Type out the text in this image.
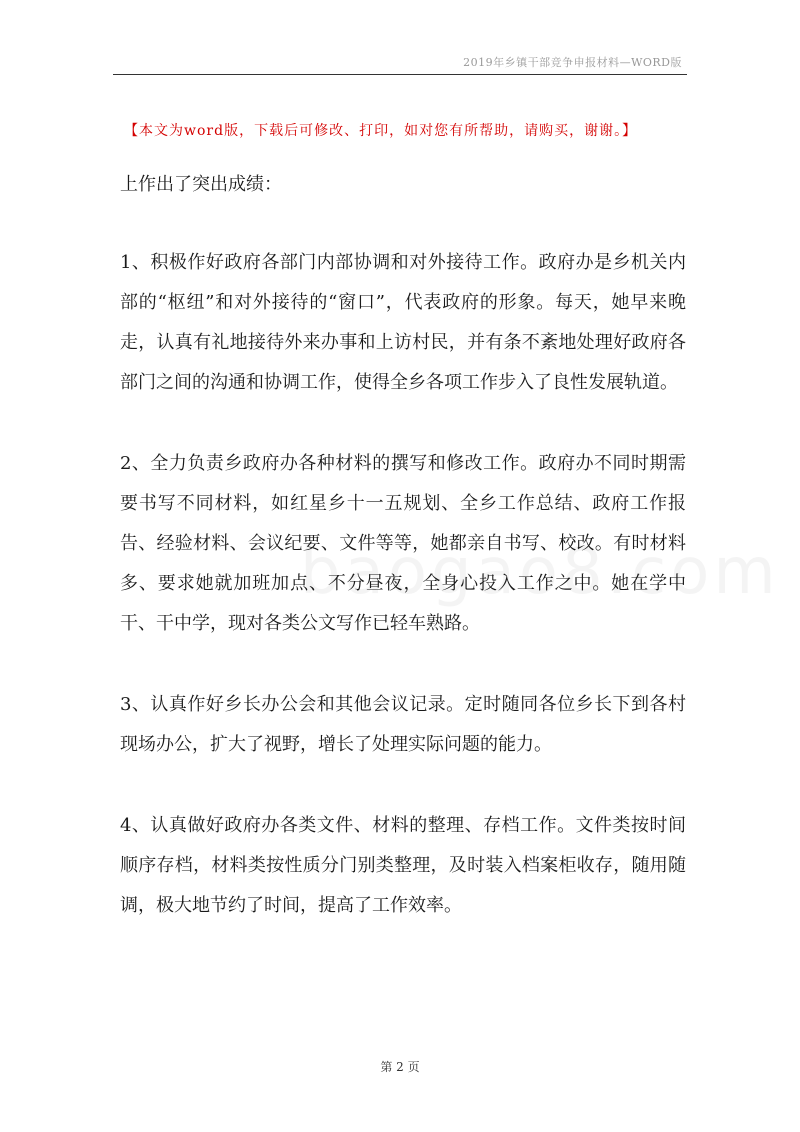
2019年乡镇干部竞争申报材料—WORD版
【本文为word版，下载后可修改、打印，如对您有所帮助，请购买，谢谢。】

上作出了突出成绩：

1、积极作好政府各部门内部协调和对外接待工作。政府办是乡机关内部的“枢纽”和对外接待的“窗口”，代表政府的形象。每天，她早来晚走，认真有礼地接待外来办事和上访村民，并有条不紊地处理好政府各部门之间的沟通和协调工作，使得全乡各项工作步入了良性发展轨道。

2、全力负责乡政府办各种材料的撰写和修改工作。政府办不同时期需要书写不同材料，如红星乡十一五规划、全乡工作总结、政府工作报告、经验材料、会议纪要、文件等等，她都亲自书写、校改。有时材料多、要求她就加班加点、不分昼夜，全身心投入工作之中。她在学中干、干中学，现对各类公文写作已轻车熟路。

3、认真作好乡长办公会和其他会议记录。定时随同各位乡长下到各村现场办公，扩大了视野，增长了处理实际问题的能力。

4、认真做好政府办各类文件、材料的整理、存档工作。文件类按时间顺序存档，材料类按性质分门别类整理，及时装入档案柜收存，随用随调，极大地节约了时间，提高了工作效率。

第 2 页
